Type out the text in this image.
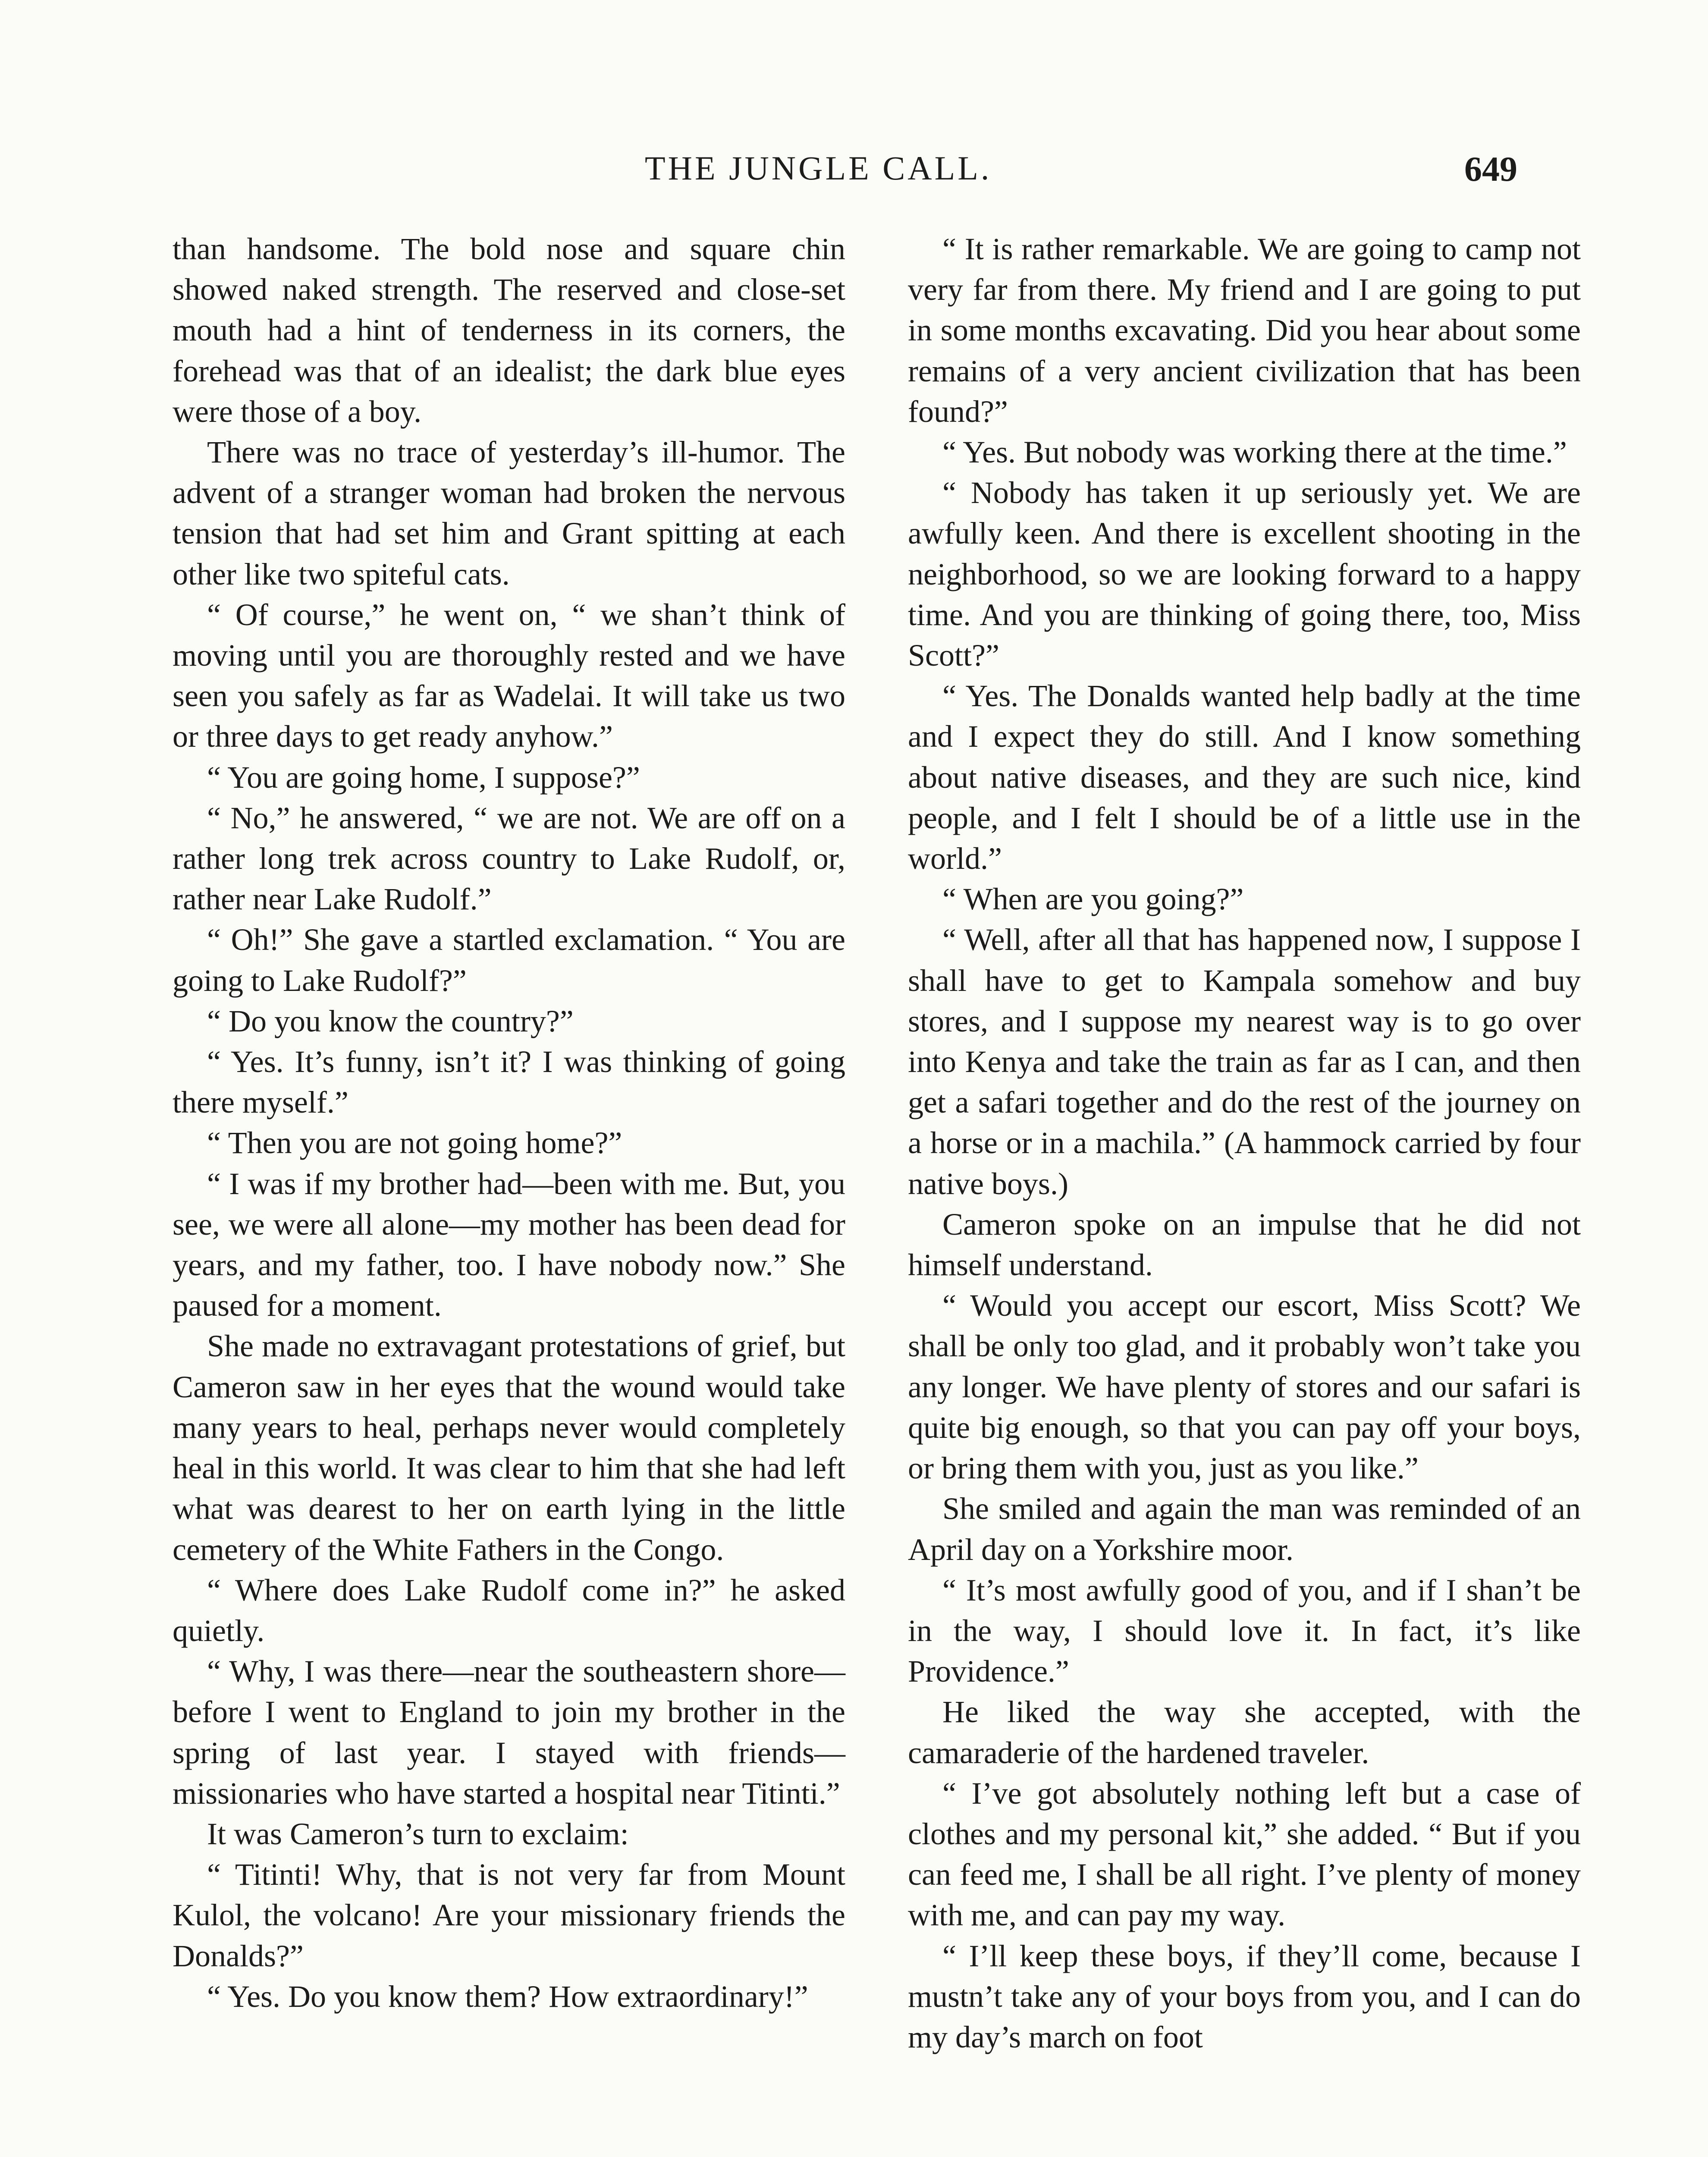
THE JUNGLE CALL.	649

than handsome. The bold nose and square chin showed naked strength. The reserved and close-set mouth had a hint of tenderness in its corners, the forehead was that of an idealist; the dark blue eyes were those of a boy.

There was no trace of yesterday’s ill-humor. The advent of a stranger woman had broken the nervous tension that had set him and Grant spitting at each other like two spiteful cats.

“ Of course,” he went on, “ we shan’t think of moving until you are thoroughly rested and we have seen you safely as far as Wadelai. It will take us two or three days to get ready anyhow.”

“ You are going home, I suppose?”

“ No,” he answered, “ we are not. We are off on a rather long trek across country to Lake Rudolf, or, rather near Lake Rudolf.”

“ Oh!” She gave a startled exclamation. “ You are going to Lake Rudolf?”

“ Do you know the country?”

“ Yes. It’s funny, isn’t it? I was thinking of going there myself.”

“ Then you are not going home?”

“ I was if my brother had—been with me. But, you see, we were all alone—my mother has been dead for years, and my father, too. I have nobody now.” She paused for a moment.

She made no extravagant protestations of grief, but Cameron saw in her eyes that the wound would take many years to heal, perhaps never would completely heal in this world. It was clear to him that she had left what was dearest to her on earth lying in the little cemetery of the White Fathers in the Congo.

“ Where does Lake Rudolf come in?” he asked quietly.

“ Why, I was there—near the southeastern shore—before I went to England to join my brother in the spring of last year. I stayed with friends—missionaries who have started a hospital near Titinti.”

It was Cameron’s turn to exclaim:

“ Titinti! Why, that is not very far from Mount Kulol, the volcano! Are your missionary friends the Donalds?”

“ Yes. Do you know them? How extraordinary!”

“ It is rather remarkable. We are going to camp not very far from there. My friend and I are going to put in some months excavating. Did you hear about some remains of a very ancient civilization that has been found?”

“ Yes. But nobody was working there at the time.”

“ Nobody has taken it up seriously yet. We are awfully keen. And there is excellent shooting in the neighborhood, so we are looking forward to a happy time. And you are thinking of going there, too, Miss Scott?”

“ Yes. The Donalds wanted help badly at the time and I expect they do still. And I know something about native diseases, and they are such nice, kind people, and I felt I should be of a little use in the world.”

“ When are you going?”

“ Well, after all that has happened now, I suppose I shall have to get to Kampala somehow and buy stores, and I suppose my nearest way is to go over into Kenya and take the train as far as I can, and then get a safari together and do the rest of the journey on a horse or in a machila.” (A hammock carried by four native boys.)

Cameron spoke on an impulse that he did not himself understand.

“ Would you accept our escort, Miss Scott? We shall be only too glad, and it probably won’t take you any longer. We have plenty of stores and our safari is quite big enough, so that you can pay off your boys, or bring them with you, just as you like.”

She smiled and again the man was reminded of an April day on a Yorkshire moor.

“ It’s most awfully good of you, and if I shan’t be in the way, I should love it. In fact, it’s like Providence.”

He liked the way she accepted, with the camaraderie of the hardened traveler.

“ I’ve got absolutely nothing left but a case of clothes and my personal kit,” she added. “ But if you can feed me, I shall be all right. I’ve plenty of money with me, and can pay my way.

“ I’ll keep these boys, if they’ll come, because I mustn’t take any of your boys from you, and I can do my day’s march on foot
